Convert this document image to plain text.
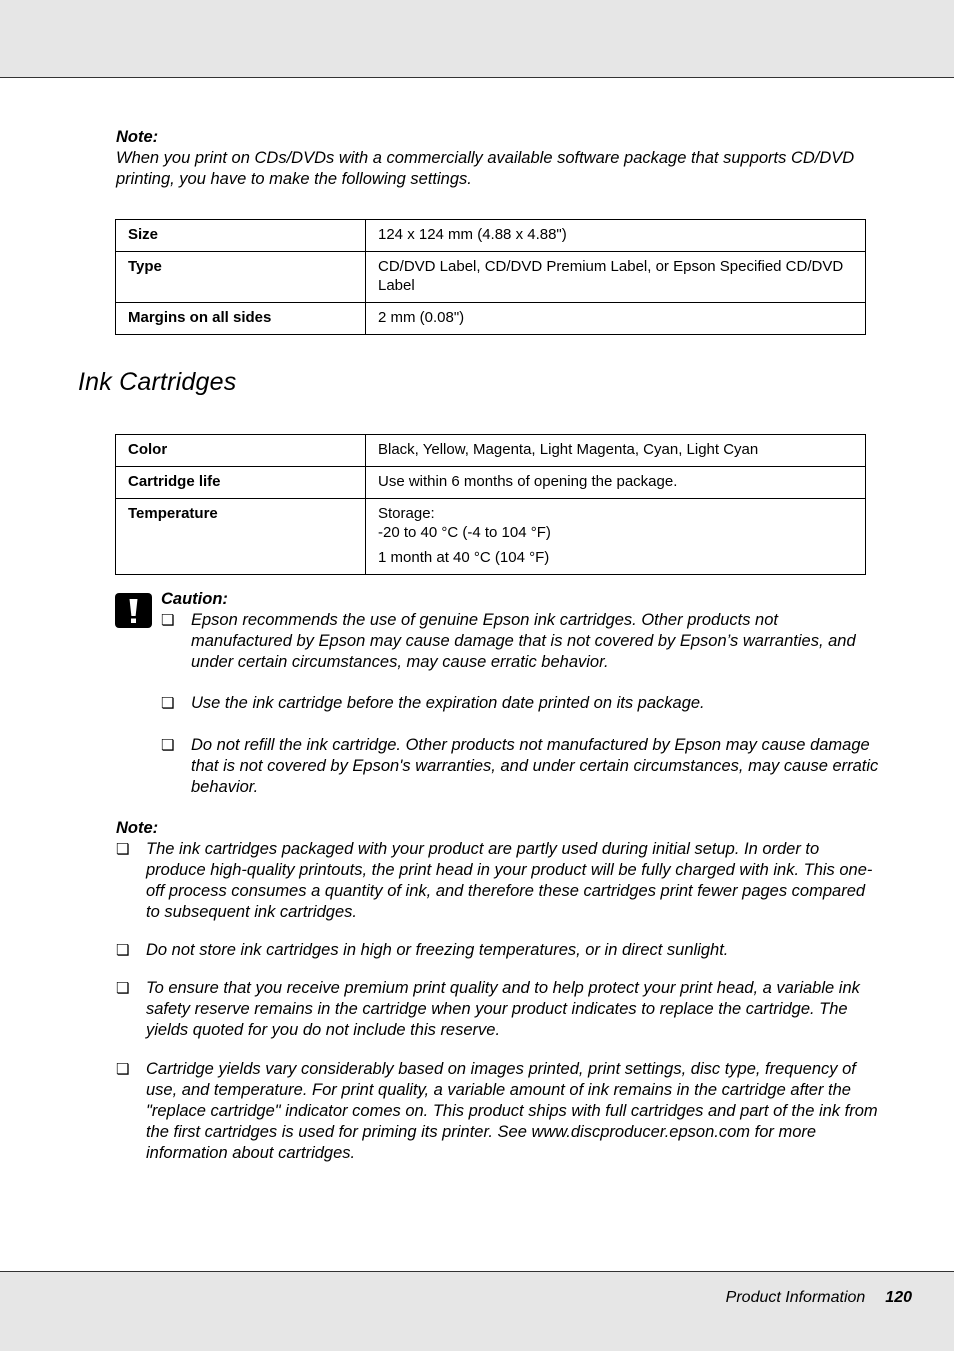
Note:
When you print on CDs/DVDs with a commercially available software package that supports CD/DVD printing, you have to make the following settings.
Size	124 x 124 mm (4.88 x 4.88")

Type	CD/DVD Label, CD/DVD Premium Label, or Epson Specified CD/DVD Label

Margins on all sides	2 mm (0.08")
Ink Cartridges
Color	Black, Yellow, Magenta, Light Magenta, Cyan, Light Cyan

Cartridge life	Use within 6 months of opening the package.

Temperature	Storage:
-20 to 40 °C (-4 to 104 °F)
1 month at 40 °C (104 °F)
Caution:
❏ Epson recommends the use of genuine Epson ink cartridges. Other products not manufactured by Epson may cause damage that is not covered by Epson’s warranties, and under certain circumstances, may cause erratic behavior.
❏ Use the ink cartridge before the expiration date printed on its package.
❏ Do not refill the ink cartridge. Other products not manufactured by Epson may cause damage that is not covered by Epson's warranties, and under certain circumstances, may cause erratic behavior.
Note:
❏ The ink cartridges packaged with your product are partly used during initial setup. In order to produce high-quality printouts, the print head in your product will be fully charged with ink. This one-off process consumes a quantity of ink, and therefore these cartridges print fewer pages compared to subsequent ink cartridges.
❏ Do not store ink cartridges in high or freezing temperatures, or in direct sunlight.
❏ To ensure that you receive premium print quality and to help protect your print head, a variable ink safety reserve remains in the cartridge when your product indicates to replace the cartridge. The yields quoted for you do not include this reserve.
❏ Cartridge yields vary considerably based on images printed, print settings, disc type, frequency of use, and temperature. For print quality, a variable amount of ink remains in the cartridge after the "replace cartridge" indicator comes on. This product ships with full cartridges and part of the ink from the first cartridges is used for priming its printer. See www.discproducer.epson.com for more information about cartridges.
Product Information 120
